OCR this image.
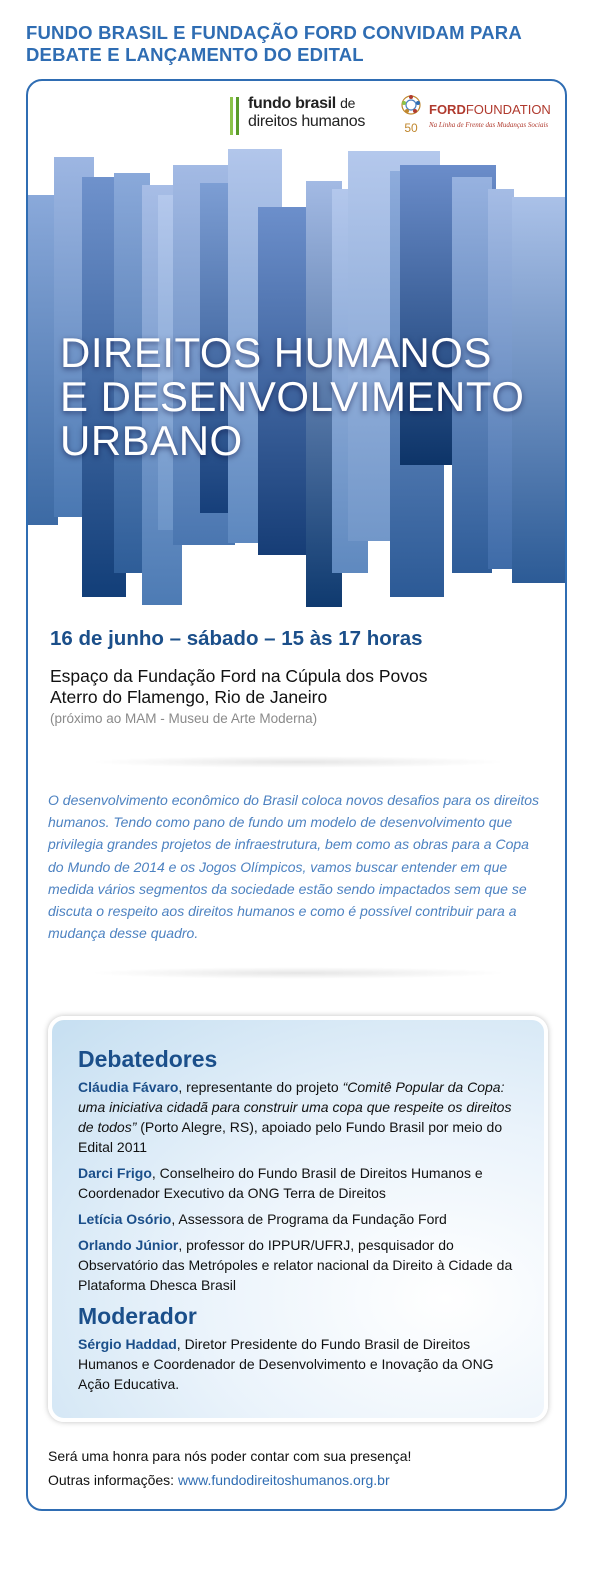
FUNDO BRASIL E FUNDAÇÃO FORD CONVIDAM PARA
DEBATE E LANÇAMENTO DO EDITAL
fundo brasil de
direitos humanos	50
FORDFOUNDATION
Na Linha de Frente das Mudanças Sociais
DIREITOS HUMANOS
E DESENVOLVIMENTO
URBANO
16 de junho – sábado – 15 às 17 horas
Espaço da Fundação Ford na Cúpula dos Povos
Aterro do Flamengo, Rio de Janeiro
(próximo ao MAM - Museu de Arte Moderna)

O desenvolvimento econômico do Brasil coloca novos desafios para os direitos humanos. Tendo como pano de fundo um modelo de desenvolvimento que privilegia grandes projetos de infraestrutura, bem como as obras para a Copa do Mundo de 2014 e os Jogos Olímpicos, vamos buscar entender em que medida vários segmentos da sociedade estão sendo impactados sem que se discuta o respeito aos direitos humanos e como é possível contribuir para a mudança desse quadro.

Debatedores

Cláudia Fávaro, representante do projeto “Comitê Popular da Copa: uma iniciativa cidadã para construir uma copa que respeite os direitos de todos” (Porto Alegre, RS), apoiado pelo Fundo Brasil por meio do Edital 2011

Darci Frigo, Conselheiro do Fundo Brasil de Direitos Humanos e Coordenador Executivo da ONG Terra de Direitos

Letícia Osório, Assessora de Programa da Fundação Ford

Orlando Júnior, professor do IPPUR/UFRJ, pesquisador do Observatório das Metrópoles e relator nacional da Direito à Cidade da Plataforma Dhesca Brasil

Moderador

Sérgio Haddad, Diretor Presidente do Fundo Brasil de Direitos Humanos e Coordenador de Desenvolvimento e Inovação da ONG Ação Educativa.

Será uma honra para nós poder contar com sua presença!
Outras informações: www.fundodireitoshumanos.org.br
